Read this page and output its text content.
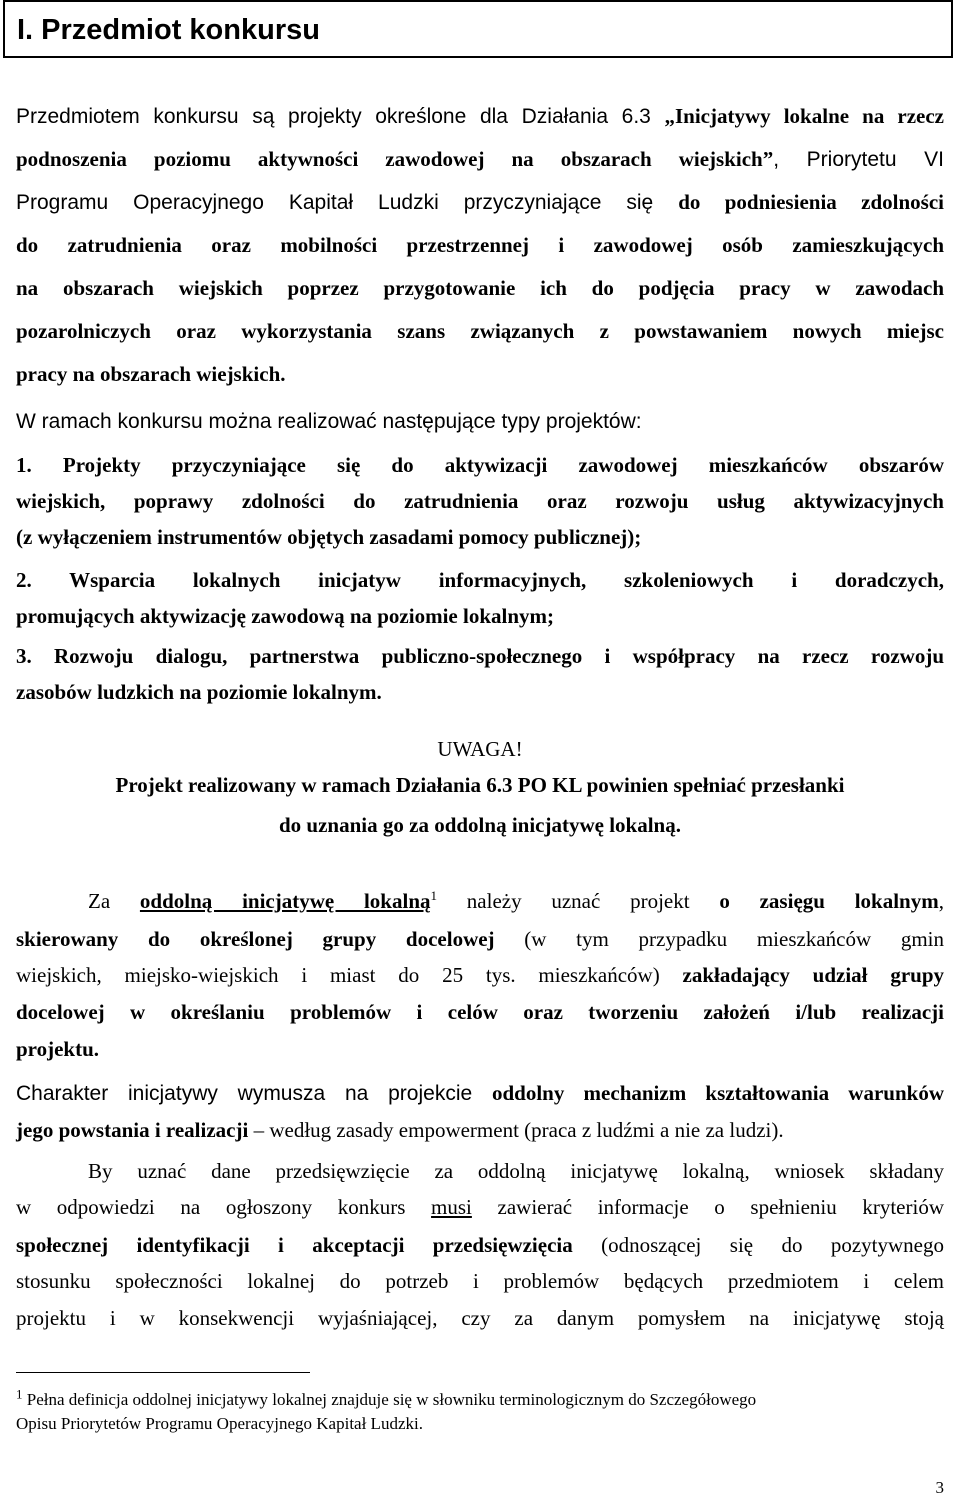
I. Przedmiot konkursu
Przedmiotem konkursu są projekty określone dla Działania 6.3 „Inicjatywy lokalne na rzecz
podnoszenia poziomu aktywności zawodowej na obszarach wiejskich”, Priorytetu VI
Programu Operacyjnego Kapitał Ludzki przyczyniające się do podniesienia zdolności
do zatrudnienia oraz mobilności przestrzennej i zawodowej osób zamieszkujących
na obszarach wiejskich poprzez przygotowanie ich do podjęcia pracy w zawodach
pozarolniczych oraz wykorzystania szans związanych z powstawaniem nowych miejsc
pracy na obszarach wiejskich.
W ramach konkursu można realizować następujące typy projektów:
1. Projekty przyczyniające się do aktywizacji zawodowej mieszkańców obszarów
wiejskich, poprawy zdolności do zatrudnienia oraz rozwoju usług aktywizacyjnych
(z wyłączeniem instrumentów objętych zasadami pomocy publicznej);
2. Wsparcia lokalnych inicjatyw informacyjnych, szkoleniowych i doradczych,
promujących aktywizację zawodową na poziomie lokalnym;
3. Rozwoju dialogu, partnerstwa publiczno-społecznego i współpracy na rzecz rozwoju
zasobów ludzkich na poziomie lokalnym.
UWAGA!
Projekt realizowany w ramach Działania 6.3 PO KL powinien spełniać przesłanki
do uznania go za oddolną inicjatywę lokalną.
Za oddolną inicjatywę lokalną$^1$ należy uznać projekt o zasięgu lokalnym,
skierowany do określonej grupy docelowej (w tym przypadku mieszkańców gmin
wiejskich, miejsko-wiejskich i miast do 25 tys. mieszkańców) zakładający udział grupy
docelowej w określaniu problemów i celów oraz tworzeniu założeń i/lub realizacji
projektu.
Charakter inicjatywy wymusza na projekcie oddolny mechanizm kształtowania warunków
jego powstania i realizacji – według zasady empowerment (praca z ludźmi a nie za ludzi).
By uznać dane przedsięwzięcie za oddolną inicjatywę lokalną, wniosek składany
w odpowiedzi na ogłoszony konkurs musi zawierać informacje o spełnieniu kryteriów
społecznej identyfikacji i akceptacji przedsięwzięcia (odnoszącej się do pozytywnego
stosunku społeczności lokalnej do potrzeb i problemów będących przedmiotem i celem
projektu i w konsekwencji wyjaśniającej, czy za danym pomysłem na inicjatywę stoją
$^1$ Pełna definicja oddolnej inicjatywy lokalnej znajduje się w słowniku terminologicznym do Szczegółowego
Opisu Priorytetów Programu Operacyjnego Kapitał Ludzki.
3
